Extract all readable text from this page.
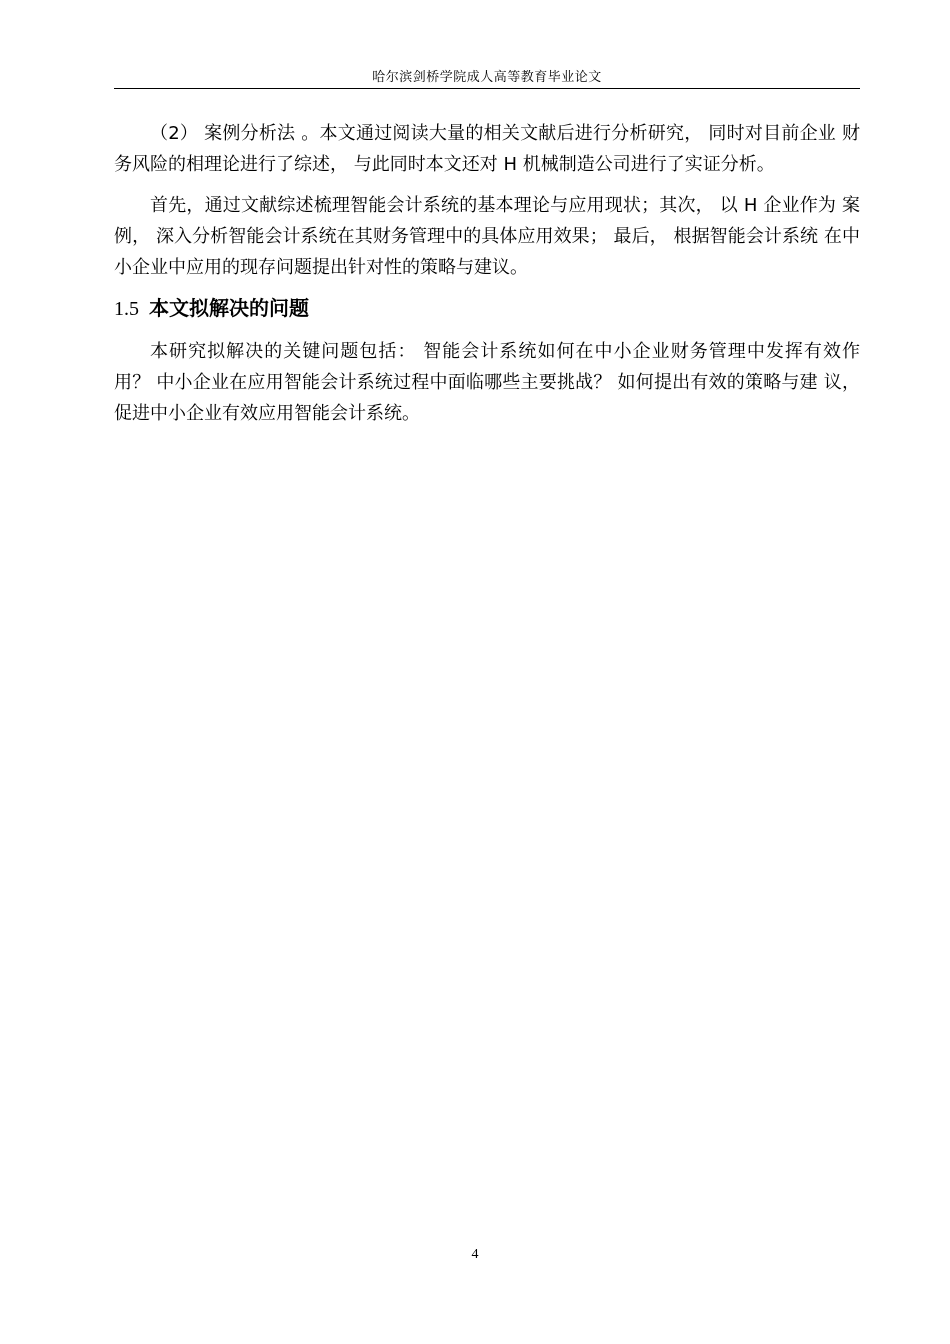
哈尔滨剑桥学院成人高等教育毕业论文

（2） 案例分析法 。本文通过阅读大量的相关文献后进行分析研究， 同时对目前企业 财务风险的相理论进行了综述， 与此同时本文还对 H 机械制造公司进行了实证分析。

首先，通过文献综述梳理智能会计系统的基本理论与应用现状；其次， 以 H 企业作为 案例， 深入分析智能会计系统在其财务管理中的具体应用效果； 最后， 根据智能会计系统 在中小企业中应用的现存问题提出针对性的策略与建议。

1.5 本文拟解决的问题

本研究拟解决的关键问题包括： 智能会计系统如何在中小企业财务管理中发挥有效作 用？ 中小企业在应用智能会计系统过程中面临哪些主要挑战？ 如何提出有效的策略与建 议， 促进中小企业有效应用智能会计系统。

4
